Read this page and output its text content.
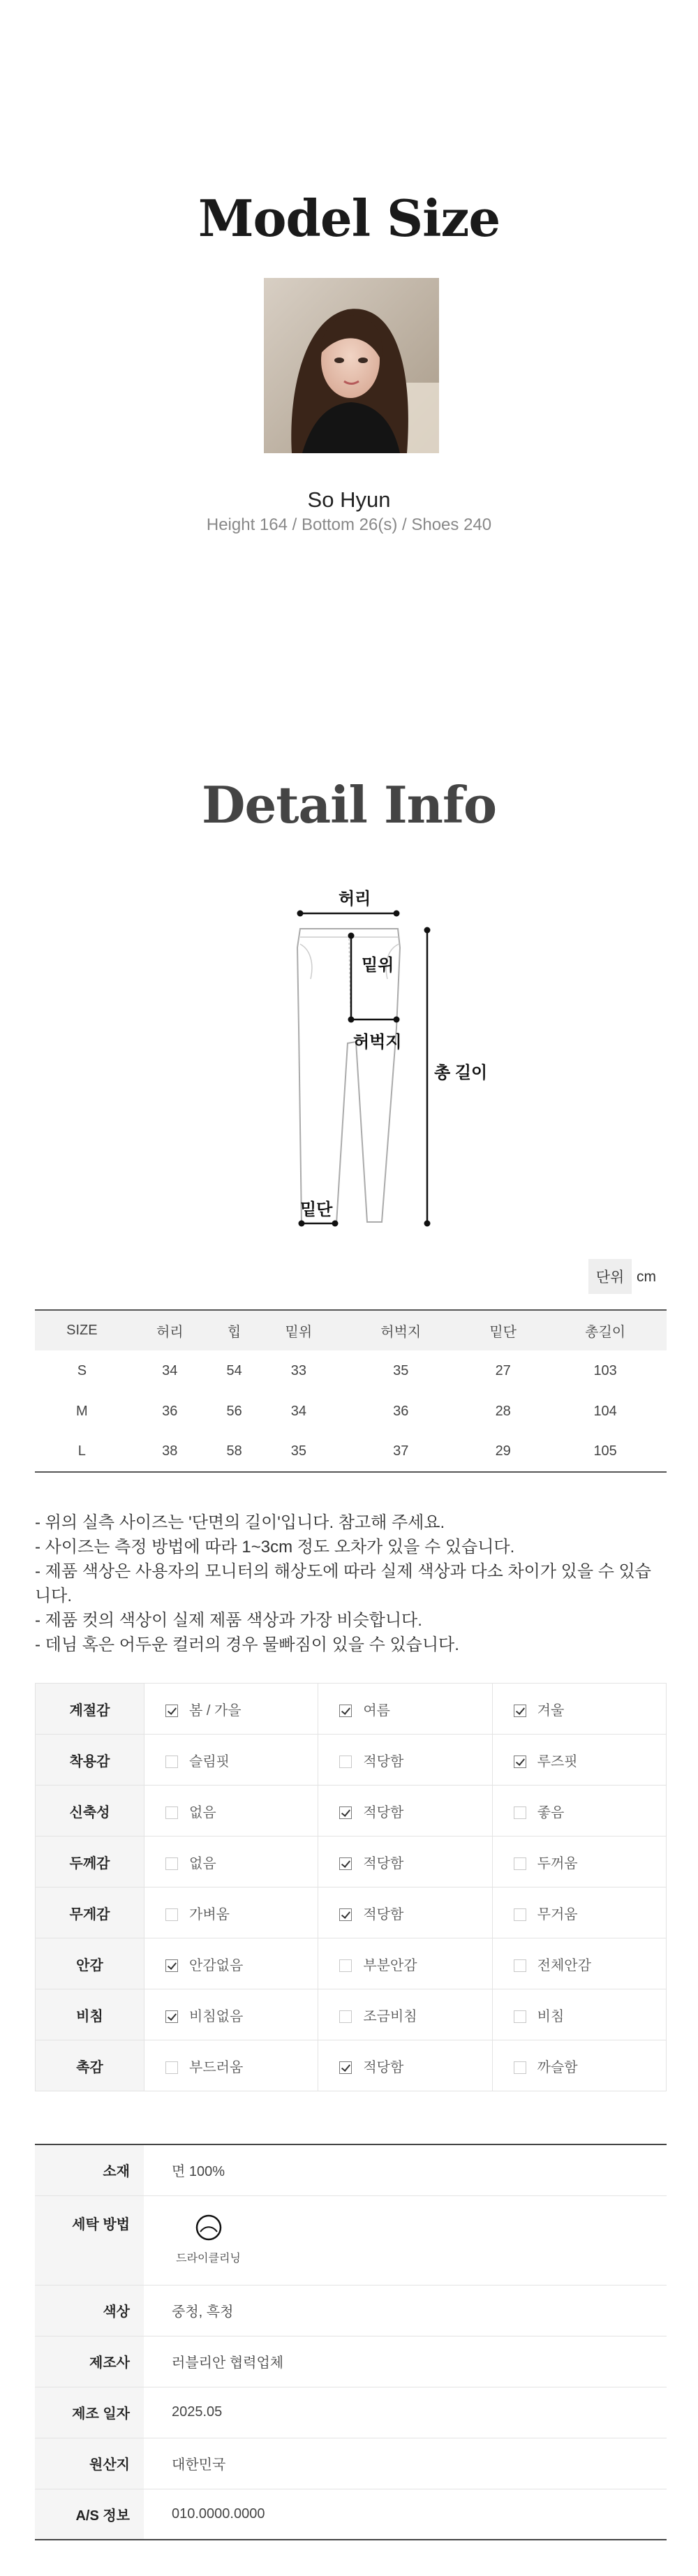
Model Size
So Hyun
Height 164 / Bottom 26(s) / Shoes 240
Detail Info
허리
밑위
허벅지
총 길이
밑단
단위 cm
SIZE	허리	힙	밑위	허벅지	밑단	총길이
S	34	54	33	35	27	103
M	36	56	34	36	28	104
L	38	58	35	37	29	105
- 위의 실측 사이즈는 '단면의 길이'입니다. 참고해 주세요.
- 사이즈는 측정 방법에 따라 1~3cm 정도 오차가 있을 수 있습니다.
- 제품 색상은 사용자의 모니터의 해상도에 따라 실제 색상과 다소 차이가 있을 수 있습니다.
- 제품 컷의 색상이 실제 제품 색상과 가장 비슷합니다.
- 데님 혹은 어두운 컬러의 경우 물빠짐이 있을 수 있습니다.
계절감	봄 / 가을	여름	겨울
착용감	슬림핏	적당함	루즈핏
신축성	없음	적당함	좋음
두께감	없음	적당함	두꺼움
무게감	가벼움	적당함	무거움
안감	안감없음	부분안감	전체안감
비침	비침없음	조금비침	비침
촉감	부드러움	적당함	까슬함
소재	면 100%
세탁 방법	드라이클리닝

색상	중청, 흑청
제조사	러블리안 협력업체
제조 일자	2025.05
원산지	대한민국
A/S 정보	010.0000.0000
